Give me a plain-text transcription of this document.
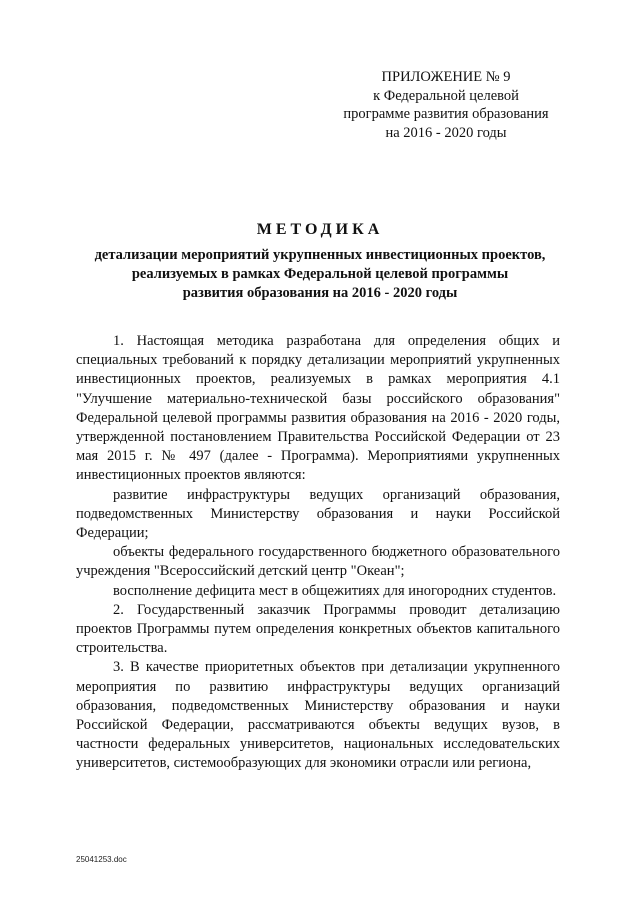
ПРИЛОЖЕНИЕ № 9
к Федеральной целевой
программе развития образования
на 2016 - 2020 годы
МЕТОДИКА
детализации мероприятий укрупненных инвестиционных проектов,
реализуемых в рамках Федеральной целевой программы
развития образования на 2016 - 2020 годы

1. Настоящая методика разработана для определения общих и специальных требований к порядку детализации мероприятий укрупненных инвестиционных проектов, реализуемых в рамках мероприятия 4.1 "Улучшение материально-технической базы российского образования" Федеральной целевой программы развития образования на 2016 - 2020 годы, утвержденной постановлением Правительства Российской Федерации от 23 мая 2015 г. № 497 (далее - Программа). Мероприятиями укрупненных инвестиционных проектов являются:

развитие инфраструктуры ведущих организаций образования, подведомственных Министерству образования и науки Российской Федерации;

объекты федерального государственного бюджетного образовательного учреждения "Всероссийский детский центр "Океан";

восполнение дефицита мест в общежитиях для иногородних студентов.

2. Государственный заказчик Программы проводит детализацию проектов Программы путем определения конкретных объектов капитального строительства.

3. В качестве приоритетных объектов при детализации укрупненного мероприятия по развитию инфраструктуры ведущих организаций образования, подведомственных Министерству образования и науки Российской Федерации, рассматриваются объекты ведущих вузов, в частности федеральных университетов, национальных исследовательских университетов, системообразующих для экономики отрасли или региона,

25041253.doc
